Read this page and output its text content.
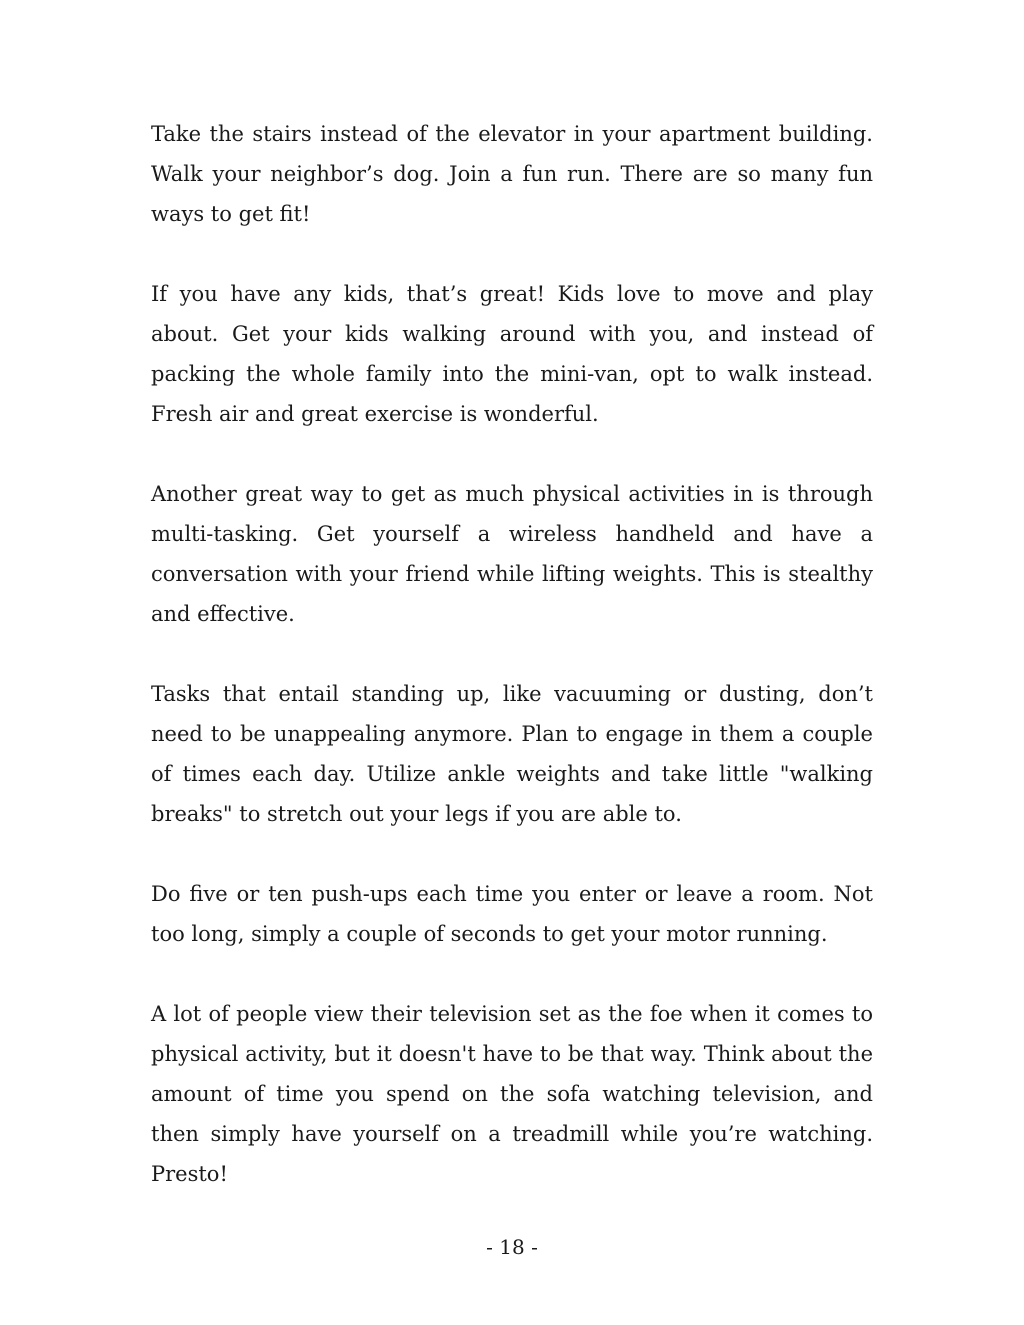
Take the stairs instead of the elevator in your apartment building. Walk your neighbor’s dog. Join a fun run. There are so many fun ways to get fit!

If you have any kids, that’s great! Kids love to move and play about. Get your kids walking around with you, and instead of packing the whole family into the mini-van, opt to walk instead. Fresh air and great exercise is wonderful.

Another great way to get as much physical activities in is through multi-tasking. Get yourself a wireless handheld and have a conversation with your friend while lifting weights. This is stealthy and effective.

Tasks that entail standing up, like vacuuming or dusting, don’t need to be unappealing anymore. Plan to engage in them a couple of times each day. Utilize ankle weights and take little "walking breaks" to stretch out your legs if you are able to.

Do five or ten push-ups each time you enter or leave a room. Not too long, simply a couple of seconds to get your motor running.

A lot of people view their television set as the foe when it comes to physical activity, but it doesn't have to be that way. Think about the amount of time you spend on the sofa watching television, and then simply have yourself on a treadmill while you’re watching. Presto!

- 18 -
